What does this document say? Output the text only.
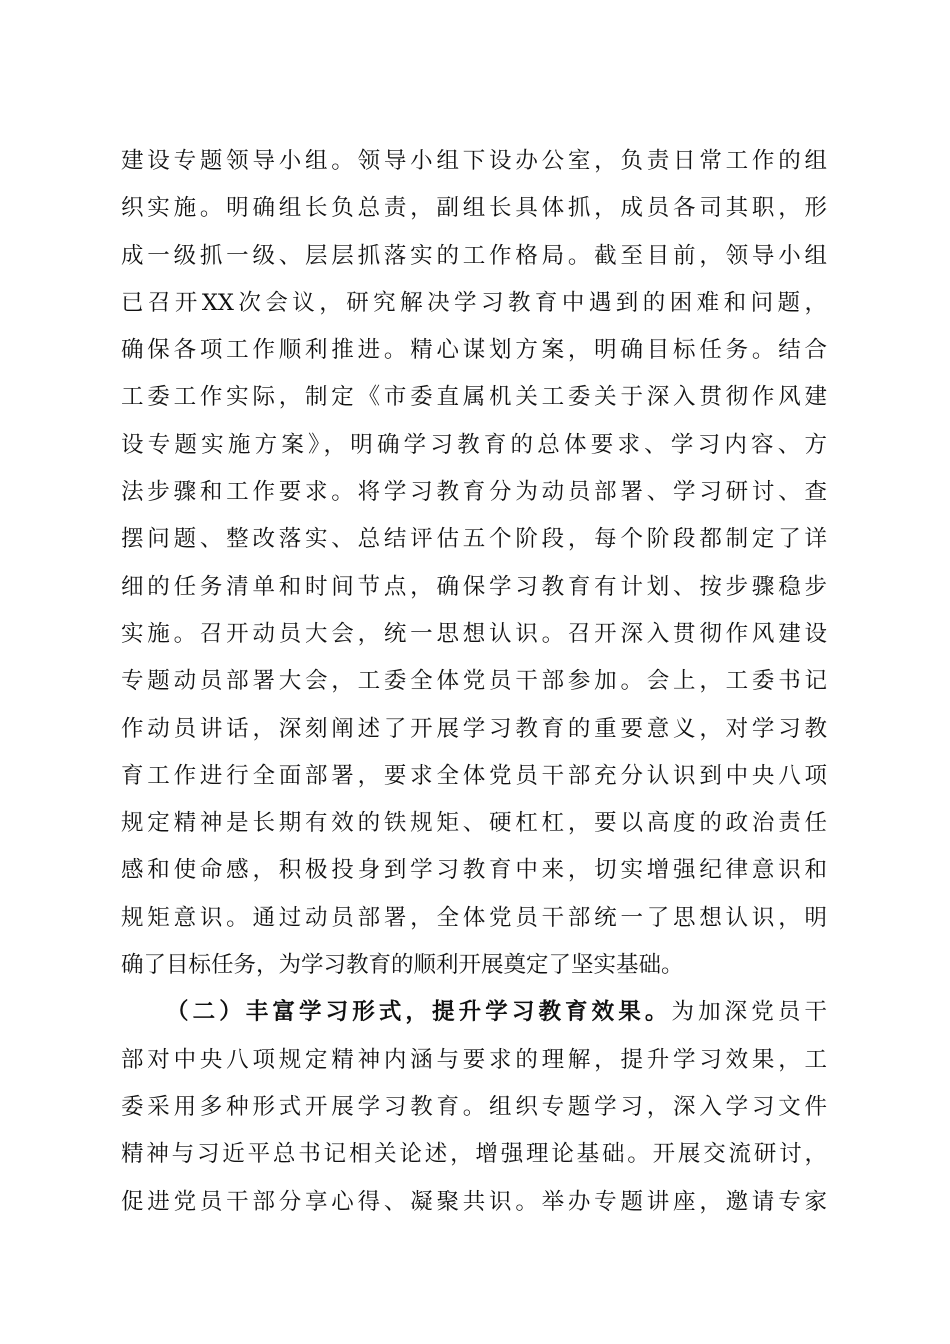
建设专题领导小组。领导小组下设办公室，负责日常工作的组
织实施。明确组长负总责，副组长具体抓，成员各司其职，形
成一级抓一级、层层抓落实的工作格局。截至目前，领导小组
已召开XX次会议，研究解决学习教育中遇到的困难和问题，
确保各项工作顺利推进。精心谋划方案，明确目标任务。结合
工委工作实际，制定《市委直属机关工委关于深入贯彻作风建
设专题实施方案》，明确学习教育的总体要求、学习内容、方
法步骤和工作要求。将学习教育分为动员部署、学习研讨、查
摆问题、整改落实、总结评估五个阶段，每个阶段都制定了详
细的任务清单和时间节点，确保学习教育有计划、按步骤稳步
实施。召开动员大会，统一思想认识。召开深入贯彻作风建设
专题动员部署大会，工委全体党员干部参加。会上，工委书记
作动员讲话，深刻阐述了开展学习教育的重要意义，对学习教
育工作进行全面部署，要求全体党员干部充分认识到中央八项
规定精神是长期有效的铁规矩、硬杠杠，要以高度的政治责任
感和使命感，积极投身到学习教育中来，切实增强纪律意识和
规矩意识。通过动员部署，全体党员干部统一了思想认识，明
确了目标任务，为学习教育的顺利开展奠定了坚实基础。
（二）丰富学习形式，提升学习教育效果。为加深党员干
部对中央八项规定精神内涵与要求的理解，提升学习效果，工
委采用多种形式开展学习教育。组织专题学习，深入学习文件
精神与习近平总书记相关论述，增强理论基础。开展交流研讨，
促进党员干部分享心得、凝聚共识。举办专题讲座，邀请专家
